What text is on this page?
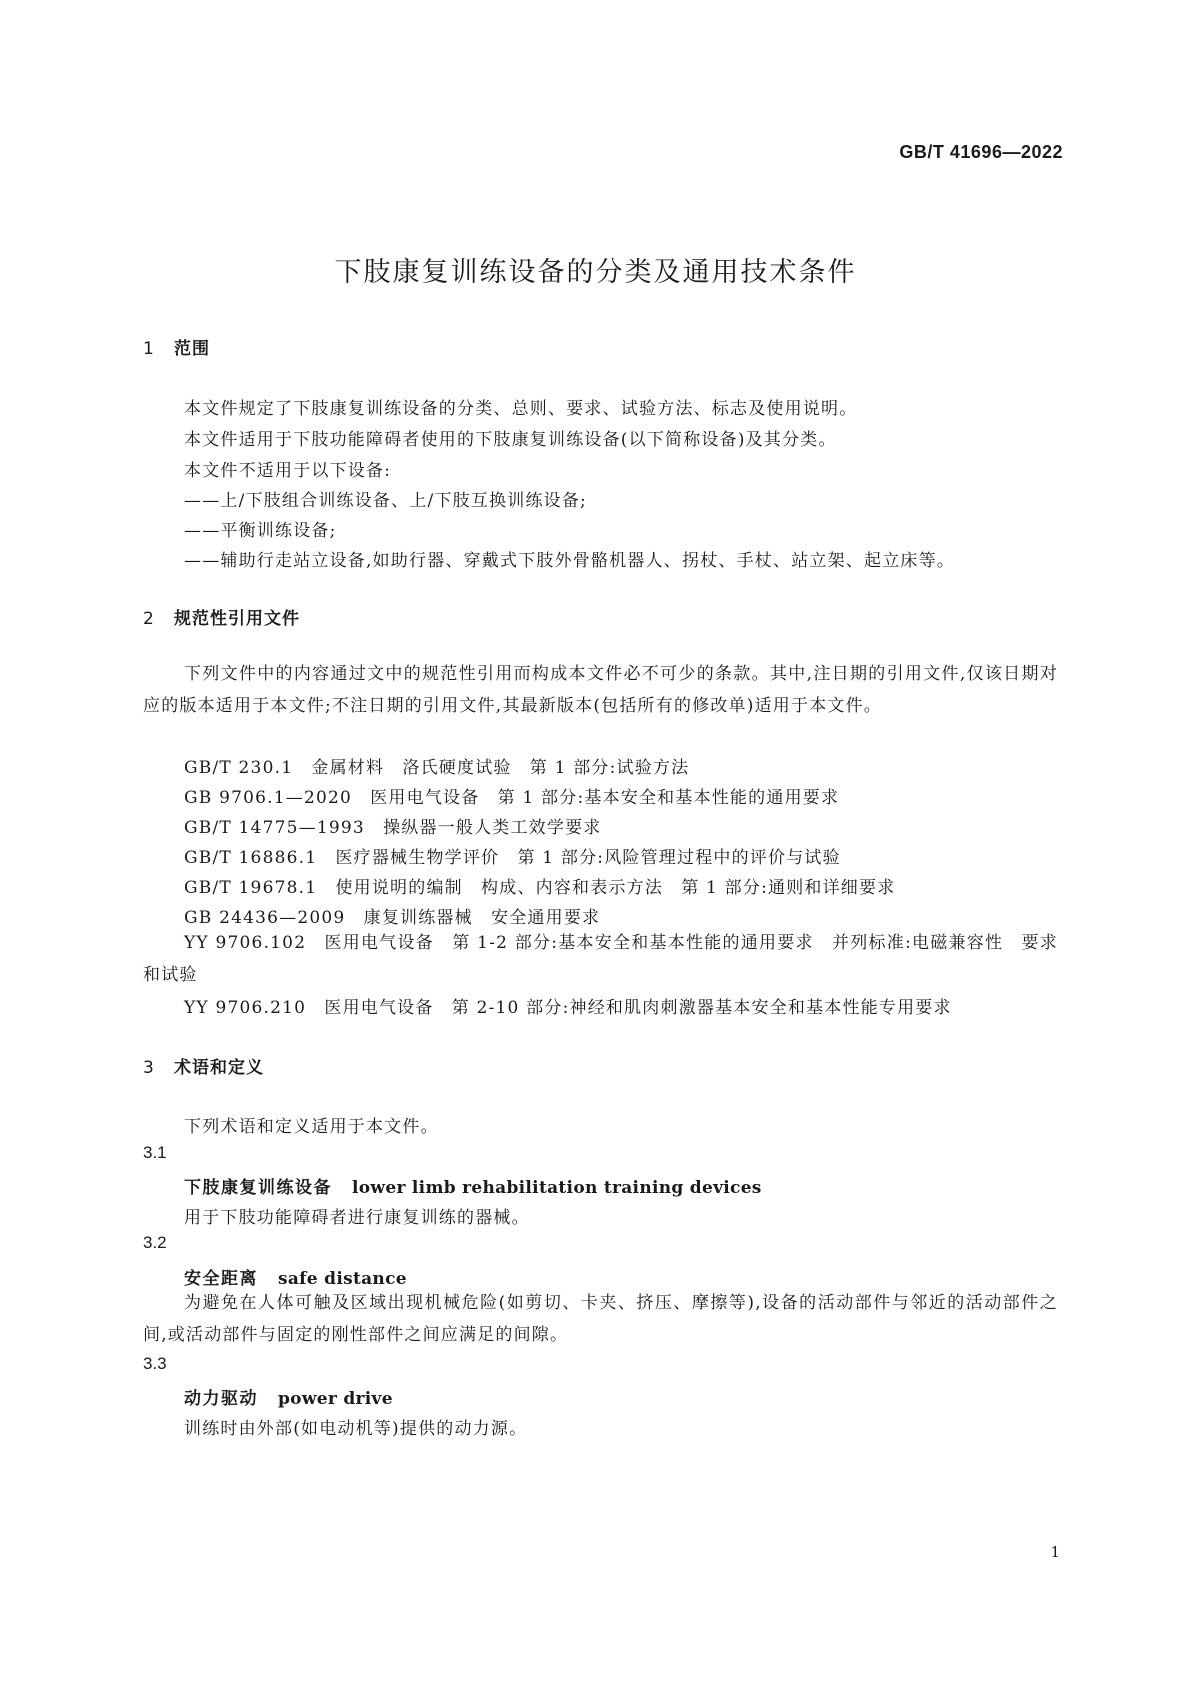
GB/T 41696—2022
下肢康复训练设备的分类及通用技术条件
1 范围
本文件规定了下肢康复训练设备的分类、总则、要求、试验方法、标志及使用说明。
本文件适用于下肢功能障碍者使用的下肢康复训练设备(以下简称设备)及其分类。
本文件不适用于以下设备:
——上/下肢组合训练设备、上/下肢互换训练设备;
——平衡训练设备;
——辅助行走站立设备,如助行器、穿戴式下肢外骨骼机器人、拐杖、手杖、站立架、起立床等。
2 规范性引用文件
下列文件中的内容通过文中的规范性引用而构成本文件必不可少的条款。其中,注日期的引用文件,仅该日期对应的版本适用于本文件;不注日期的引用文件,其最新版本(包括所有的修改单)适用于本文件。
GB/T 230.1　金属材料　洛氏硬度试验　第 1 部分:试验方法
GB 9706.1—2020　医用电气设备　第 1 部分:基本安全和基本性能的通用要求
GB/T 14775—1993　操纵器一般人类工效学要求
GB/T 16886.1　医疗器械生物学评价　第 1 部分:风险管理过程中的评价与试验
GB/T 19678.1　使用说明的编制　构成、内容和表示方法　第 1 部分:通则和详细要求
GB 24436—2009　康复训练器械　安全通用要求
YY 9706.102　医用电气设备　第 1-2 部分:基本安全和基本性能的通用要求　并列标准:电磁兼容性　要求和试验
YY 9706.210　医用电气设备　第 2-10 部分:神经和肌肉刺激器基本安全和基本性能专用要求
3 术语和定义
下列术语和定义适用于本文件。
3.1
下肢康复训练设备 lower limb rehabilitation training devices
用于下肢功能障碍者进行康复训练的器械。
3.2
安全距离 safe distance
为避免在人体可触及区域出现机械危险(如剪切、卡夹、挤压、摩擦等),设备的活动部件与邻近的活动部件之间,或活动部件与固定的刚性部件之间应满足的间隙。
3.3
动力驱动 power drive
训练时由外部(如电动机等)提供的动力源。
1
